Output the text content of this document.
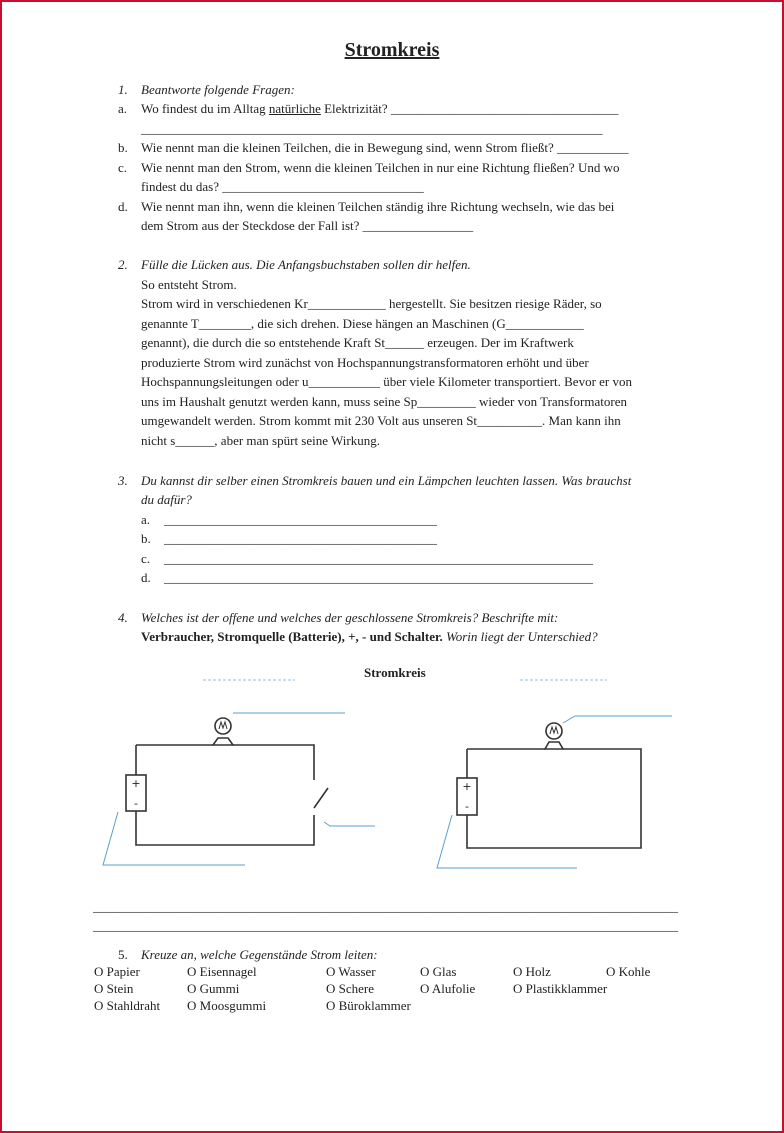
Stromkreis
1. Beantworte folgende Fragen:
a. Wo findest du im Alltag natürliche Elektrizität? ___________________________________
_______________________________________________________________________
b. Wie nennt man die kleinen Teilchen, die in Bewegung sind, wenn Strom fließt? ___________
c. Wie nennt man den Strom, wenn die kleinen Teilchen in nur eine Richtung fließen? Und wo
findest du das? _______________________________
d. Wie nennt man ihn, wenn die kleinen Teilchen ständig ihre Richtung wechseln, wie das bei
dem Strom aus der Steckdose der Fall ist? _________________
2. Fülle die Lücken aus. Die Anfangsbuchstaben sollen dir helfen.
So entsteht Strom.
Strom wird in verschiedenen Kr____________ hergestellt. Sie besitzen riesige Räder, so
genannte T________, die sich drehen. Diese hängen an Maschinen (G____________
genannt), die durch die so entstehende Kraft St______ erzeugen. Der im Kraftwerk
produzierte Strom wird zunächst von Hochspannungstransformatoren erhöht und über
Hochspannungsleitungen oder u___________ über viele Kilometer transportiert. Bevor er von
uns im Haushalt genutzt werden kann, muss seine Sp_________ wieder von Transformatoren
umgewandelt werden. Strom kommt mit 230 Volt aus unseren St__________. Man kann ihn
nicht s______, aber man spürt seine Wirkung.
3. Du kannst dir selber einen Stromkreis bauen und ein Lämpchen leuchten lassen. Was brauchst
du dafür?
a. __________________________________________
b. __________________________________________
c. __________________________________________________________________
d. __________________________________________________________________
4. Welches ist der offene und welches der geschlossene Stromkreis? Beschrifte mit:
Verbraucher, Stromquelle (Batterie), +, - und Schalter. Worin liegt der Unterschied?
Stromkreis
+
-
+
-
__________________________________________________________________________________________
__________________________________________________________________________________________
5. Kreuze an, welche Gegenstände Strom leiten:
O Papier	O Eisennagel	O Wasser	O Glas	O Holz	O Kohle
O Stein	O Gummi	O Schere	O Alufolie	O Plastikklammer
O Stahldraht O Moosgummi	O Büroklammer
